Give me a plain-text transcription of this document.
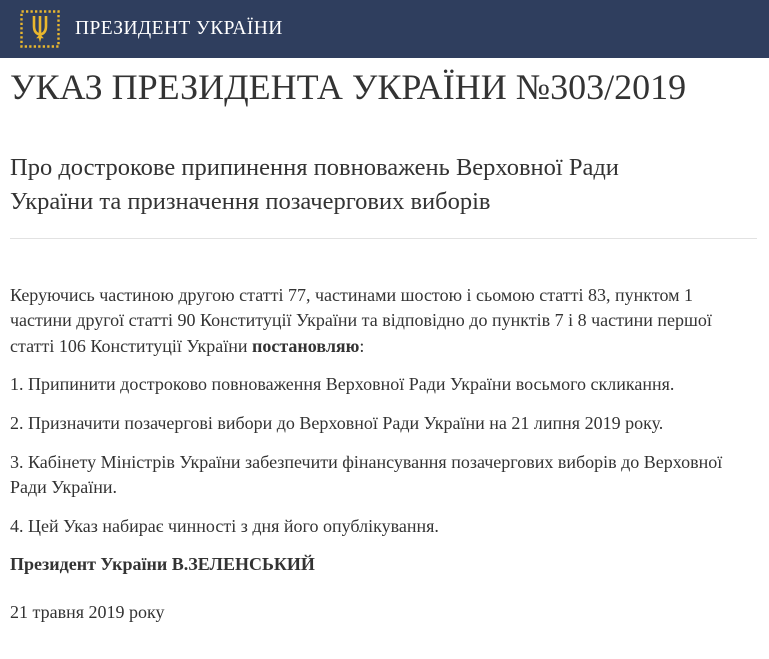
ПРЕЗИДЕНТ УКРАЇНИ
УКАЗ ПРЕЗИДЕНТА УКРАЇНИ №303/2019
Про дострокове припинення повноважень Верховної Ради України та призначення позачергових виборів

Керуючись частиною другою статті 77, частинами шостою і сьомою статті 83, пунктом 1 частини другої статті 90 Конституції України та відповідно до пунктів 7 і 8 частини першої статті 106 Конституції України постановляю:

1. Припинити достроково повноваження Верховної Ради України восьмого скликання.

2. Призначити позачергові вибори до Верховної Ради України на 21 липня 2019 року.

3. Кабінету Міністрів України забезпечити фінансування позачергових виборів до Верховної Ради України.

4. Цей Указ набирає чинності з дня його опублікування.

Президент України В.ЗЕЛЕНСЬКИЙ

21 травня 2019 року
